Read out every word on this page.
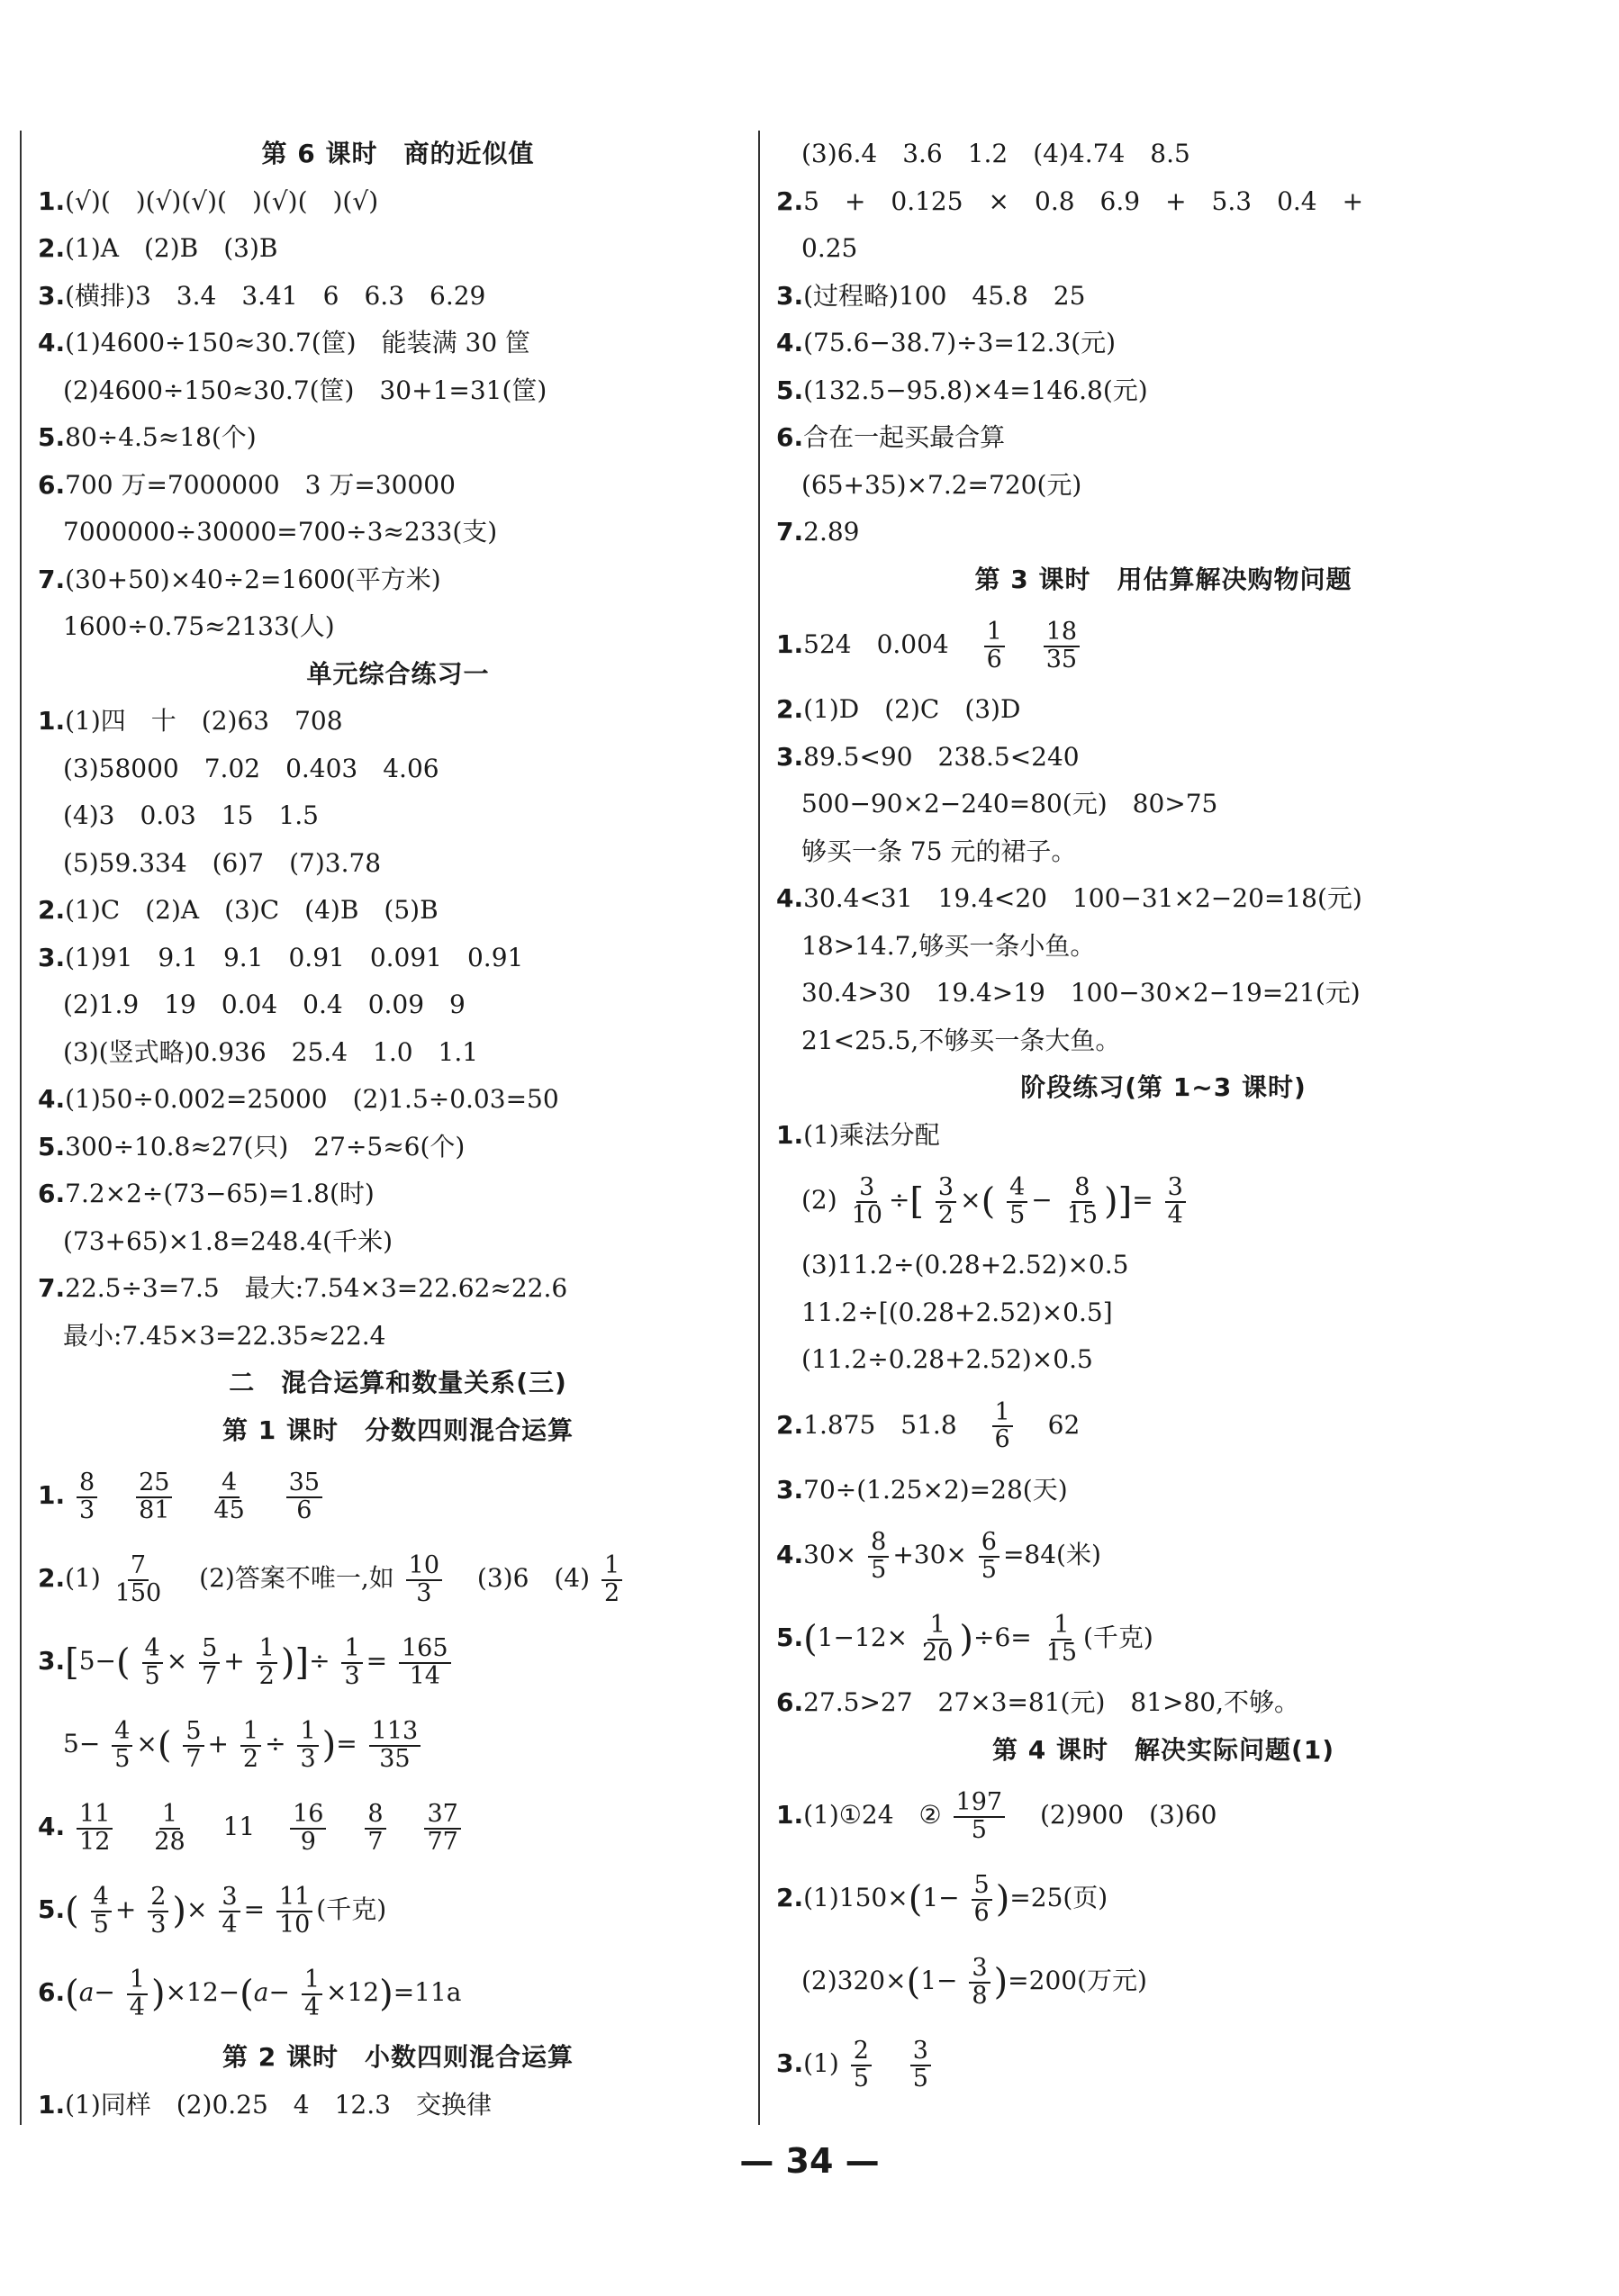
第 6 课时　商的近似值
1.(√)(　)(√)(√)(　)(√)(　)(√)
2.(1)A　(2)B　(3)B
3.(横排)3　3.4　3.41　6　6.3　6.29
4.(1)4600÷150≈30.7(筐)　能装满 30 筐
(2)4600÷150≈30.7(筐)　30+1=31(筐)
5.80÷4.5≈18(个)
6.700 万=7000000　3 万=30000
7000000÷30000=700÷3≈233(支)
7.(30+50)×40÷2=1600(平方米)
1600÷0.75≈2133(人)
单元综合练习一
1.(1)四　十　(2)63　708
(3)58000　7.02　0.403　4.06
(4)3　0.03　15　1.5
(5)59.334　(6)7　(7)3.78
2.(1)C　(2)A　(3)C　(4)B　(5)B
3.(1)91　9.1　9.1　0.91　0.091　0.91
(2)1.9　19　0.04　0.4　0.09　9
(3)(竖式略)0.936　25.4　1.0　1.1
4.(1)50÷0.002=25000　(2)1.5÷0.03=50
5.300÷10.8≈27(只)　27÷5≈6(个)
6.7.2×2÷(73−65)=1.8(时)
(73+65)×1.8=248.4(千米)
7.22.5÷3=7.5　最大:7.54×3=22.62≈22.6
最小:7.45×3=22.35≈22.4
二　混合运算和数量关系(三)
第 1 课时　分数四则混合运算
1. $\frac{8}{3}$
$\frac{25}{81}$
$\frac{4}{45}$
$\frac{35}{6}$
$2.(1) \frac{7}{150} (2)$答案不唯一,如 $\frac{10}{3} (3)6$　$(4) \frac{1}{2}$
$3.[5-( \frac{4}{5} \times \frac{5}{7} + \frac{1}{2}$ )]÷ $\frac{1}{3} = \frac{165}{14}$
$5- \frac{4}{5}$ ×( $\frac{5}{7} + \frac{1}{2} \div \frac{1}{3}$ )= $\frac{113}{35}$
4. $\frac{11}{12}$
$\frac{1}{28} 11 \frac{16}{9}$
$\frac{8}{7}$
$\frac{37}{77}$
$5.( \frac{4}{5} + \frac{2}{3}$ )× $\frac{3}{4} = \frac{11}{10}$ (千克)
$6.(a- \frac{1}{4} )\times 12-(a- \frac{1}{4} \times 12)=11a$
第 2 课时　小数四则混合运算
1.(1)同样　(2)0.25　4　12.3　交换律
(3)6.4　3.6　1.2　(4)4.74　8.5
2.5　+　0.125　×　0.8　6.9　+　5.3　0.4　+
0.25
3.(过程略)100　45.8　25
4.(75.6−38.7)÷3=12.3(元)
5.(132.5−95.8)×4=146.8(元)
6.合在一起买最合算
(65+35)×7.2=720(元)
7.2.89
第 3 课时　用估算解决购物问题
1.524　$0.004 \frac{1}{6}$
$\frac{18}{35}$
2.(1)D　(2)C　(3)D
3.89.5<90　238.5<240
500−90×2−240=80(元)　80>75
够买一条 75 元的裙子。
4.30.4<31　19.4<20　100−31×2−20=18(元)
18>14.7,够买一条小鱼。
30.4>30　19.4>19　100−30×2−19=21(元)
21<25.5,不够买一条大鱼。
阶段练习(第 1~3 课时)
1.(1)乘法分配
$(2) \frac{3}{10}$ ÷[ $\frac{3}{2}$ ×( $\frac{4}{5} - \frac{8}{15}$ )]= $\frac{3}{4}$
(3)11.2÷(0.28+2.52)×0.5
11.2÷[(0.28+2.52)×0.5]
(11.2÷0.28+2.52)×0.5
2.1.875　$51.8 \frac{1}{6} 62$
3.70÷(1.25×2)=28(天)
$4.30\times \frac{8}{5} +30\times \frac{6}{5} =84$(米)
$5.(1-12\times \frac{1}{20} )\div 6= \frac{1}{15}$ (千克)
6.27.5>27　27×3=81(元)　81>80,不够。
第 4 课时　解决实际问题(1)
1.(1)①24　② $\frac{197}{5} (2)900$　(3)60
$2.(1)150\times(1- \frac{5}{6} )=25$(页)
$(2)320\times(1- \frac{3}{8} )=200$(万元)
$3.(1) \frac{2}{5}$
$\frac{3}{5}$
— 34 —
